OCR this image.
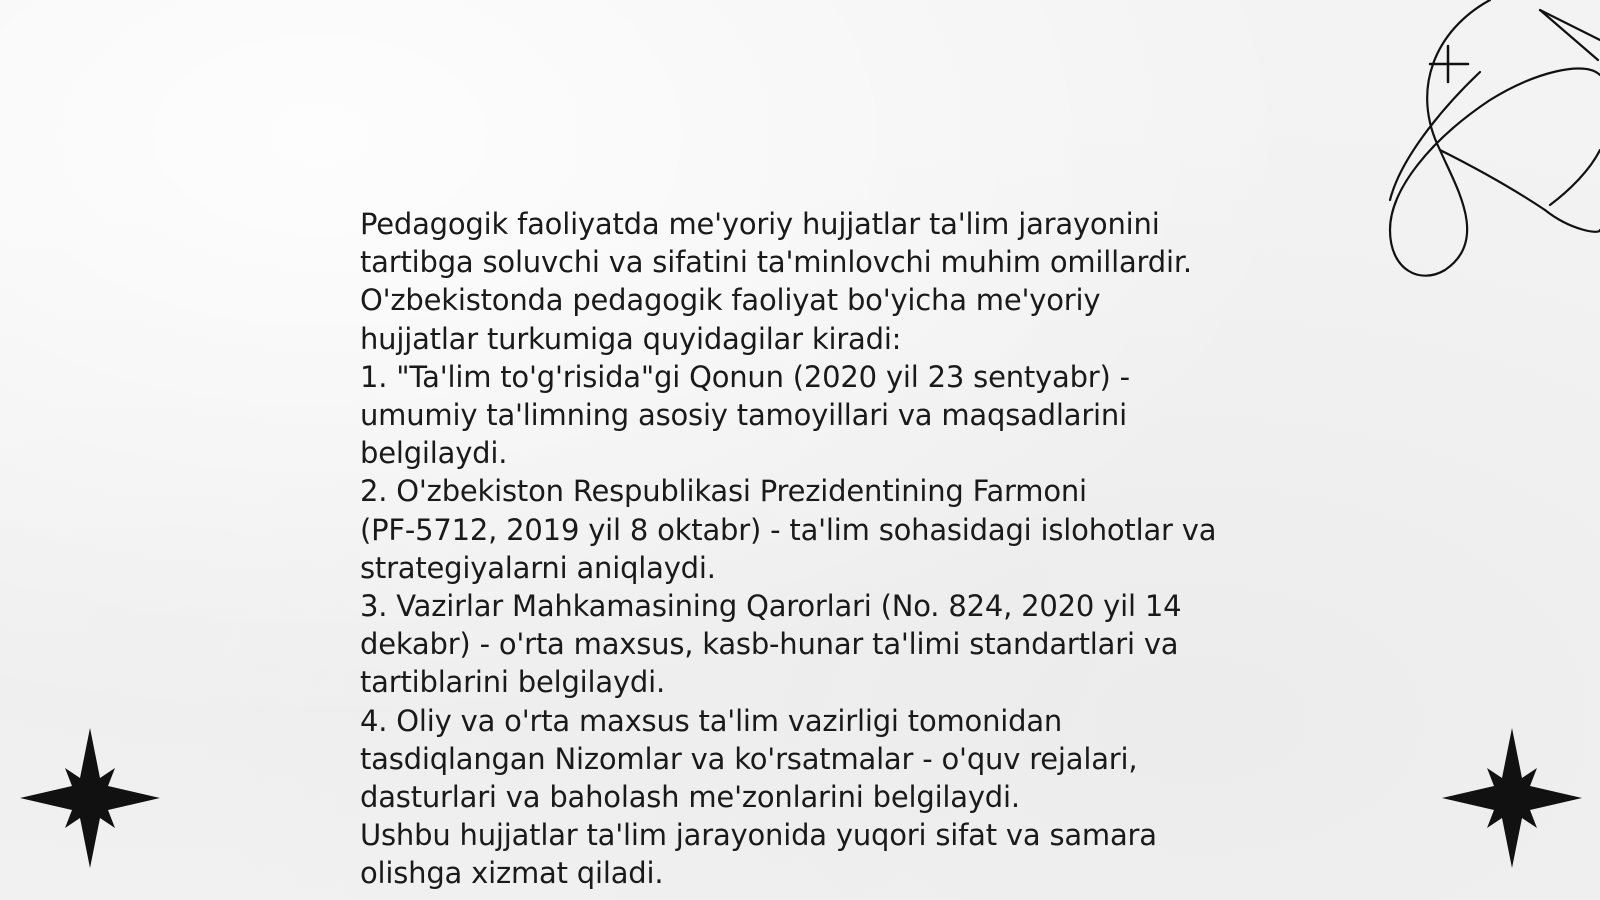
Pedagogik faoliyatda me'yoriy hujjatlar ta'lim jarayonini
tartibga soluvchi va sifatini ta'minlovchi muhim omillardir.
O'zbekistonda pedagogik faoliyat bo'yicha me'yoriy
hujjatlar turkumiga quyidagilar kiradi:

1. "Ta'lim to'g'risida"gi Qonun (2020 yil 23 sentyabr) -
umumiy ta'limning asosiy tamoyillari va maqsadlarini
belgilaydi.

2. O'zbekiston Respublikasi Prezidentining Farmoni
(PF-5712, 2019 yil 8 oktabr) - ta'lim sohasidagi islohotlar va
strategiyalarni aniqlaydi.

3. Vazirlar Mahkamasining Qarorlari (No. 824, 2020 yil 14
dekabr) - o'rta maxsus, kasb-hunar ta'limi standartlari va
tartiblarini belgilaydi.

4. Oliy va o'rta maxsus ta'lim vazirligi tomonidan
tasdiqlangan Nizomlar va ko'rsatmalar - o'quv rejalari,
dasturlari va baholash me'zonlarini belgilaydi.

Ushbu hujjatlar ta'lim jarayonida yuqori sifat va samara
olishga xizmat qiladi.
